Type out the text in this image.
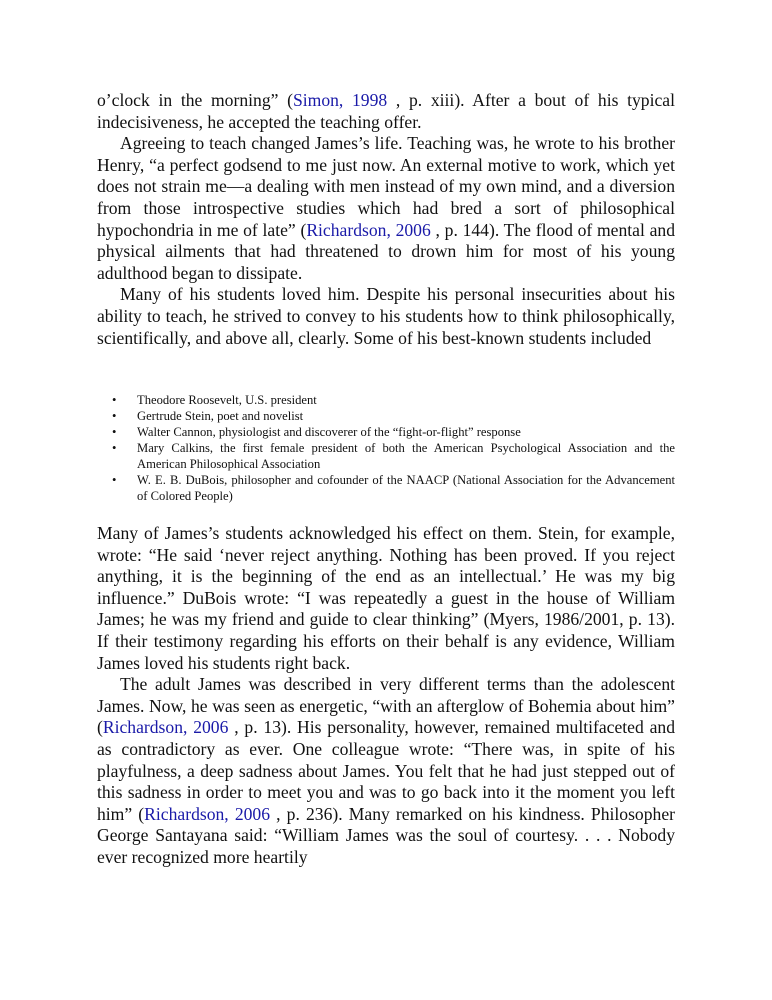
o’clock in the morning” (Simon, 1998 , p. xiii). After a bout of his typical indecisiveness, he accepted the teaching offer.

Agreeing to teach changed James’s life. Teaching was, he wrote to his brother Henry, “a perfect godsend to me just now. An external motive to work, which yet does not strain me—a dealing with men instead of my own mind, and a diversion from those introspective studies which had bred a sort of philosophical hypochondria in me of late” (Richardson, 2006 , p. 144). The flood of mental and physical ailments that had threatened to drown him for most of his young adulthood began to dissipate.

Many of his students loved him. Despite his personal insecurities about his ability to teach, he strived to convey to his students how to think philosophically, scientifically, and above all, clearly. Some of his best-known students included

• Theodore Roosevelt, U.S. president
• Gertrude Stein, poet and novelist
• Walter Cannon, physiologist and discoverer of the “fight-or-flight” response
• Mary Calkins, the first female president of both the American Psychological Association and the American Philosophical Association
• W. E. B. DuBois, philosopher and cofounder of the NAACP (National Association for the Advancement of Colored People)

Many of James’s students acknowledged his effect on them. Stein, for example, wrote: “He said ‘never reject anything. Nothing has been proved. If you reject anything, it is the beginning of the end as an intellectual.’ He was my big influence.” DuBois wrote: “I was repeatedly a guest in the house of William James; he was my friend and guide to clear thinking” (Myers, 1986/2001, p. 13). If their testimony regarding his efforts on their behalf is any evidence, William James loved his students right back.

The adult James was described in very different terms than the adolescent James. Now, he was seen as energetic, “with an afterglow of Bohemia about him” (Richardson, 2006 , p. 13). His personality, however, remained multifaceted and as contradictory as ever. One colleague wrote: “There was, in spite of his playfulness, a deep sadness about James. You felt that he had just stepped out of this sadness in order to meet you and was to go back into it the moment you left him” (Richardson, 2006 , p. 236). Many remarked on his kindness. Philosopher George Santayana said: “William James was the soul of courtesy. . . . Nobody ever recognized more heartily
